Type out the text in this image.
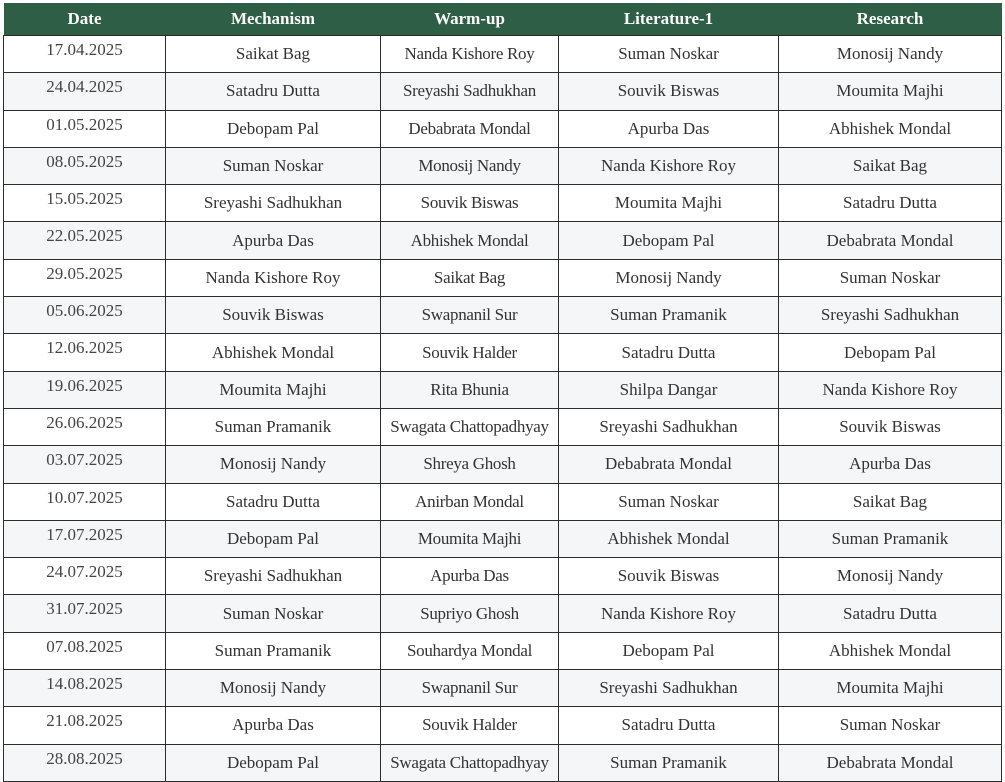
Date	Mechanism	Warm-up	Literature-1	Research
17.04.2025	Saikat Bag	Nanda Kishore Roy	Suman Noskar	Monosij Nandy
24.04.2025	Satadru Dutta	Sreyashi Sadhukhan	Souvik Biswas	Moumita Majhi
01.05.2025	Debopam Pal	Debabrata Mondal	Apurba Das	Abhishek Mondal
08.05.2025	Suman Noskar	Monosij Nandy	Nanda Kishore Roy	Saikat Bag
15.05.2025	Sreyashi Sadhukhan	Souvik Biswas	Moumita Majhi	Satadru Dutta
22.05.2025	Apurba Das	Abhishek Mondal	Debopam Pal	Debabrata Mondal
29.05.2025	Nanda Kishore Roy	Saikat Bag	Monosij Nandy	Suman Noskar
05.06.2025	Souvik Biswas	Swapnanil Sur	Suman Pramanik	Sreyashi Sadhukhan
12.06.2025	Abhishek Mondal	Souvik Halder	Satadru Dutta	Debopam Pal
19.06.2025	Moumita Majhi	Rita Bhunia	Shilpa Dangar	Nanda Kishore Roy
26.06.2025	Suman Pramanik	Swagata Chattopadhyay	Sreyashi Sadhukhan	Souvik Biswas
03.07.2025	Monosij Nandy	Shreya Ghosh	Debabrata Mondal	Apurba Das
10.07.2025	Satadru Dutta	Anirban Mondal	Suman Noskar	Saikat Bag
17.07.2025	Debopam Pal	Moumita Majhi	Abhishek Mondal	Suman Pramanik
24.07.2025	Sreyashi Sadhukhan	Apurba Das	Souvik Biswas	Monosij Nandy
31.07.2025	Suman Noskar	Supriyo Ghosh	Nanda Kishore Roy	Satadru Dutta
07.08.2025	Suman Pramanik	Souhardya Mondal	Debopam Pal	Abhishek Mondal
14.08.2025	Monosij Nandy	Swapnanil Sur	Sreyashi Sadhukhan	Moumita Majhi
21.08.2025	Apurba Das	Souvik Halder	Satadru Dutta	Suman Noskar
28.08.2025	Debopam Pal	Swagata Chattopadhyay	Suman Pramanik	Debabrata Mondal
